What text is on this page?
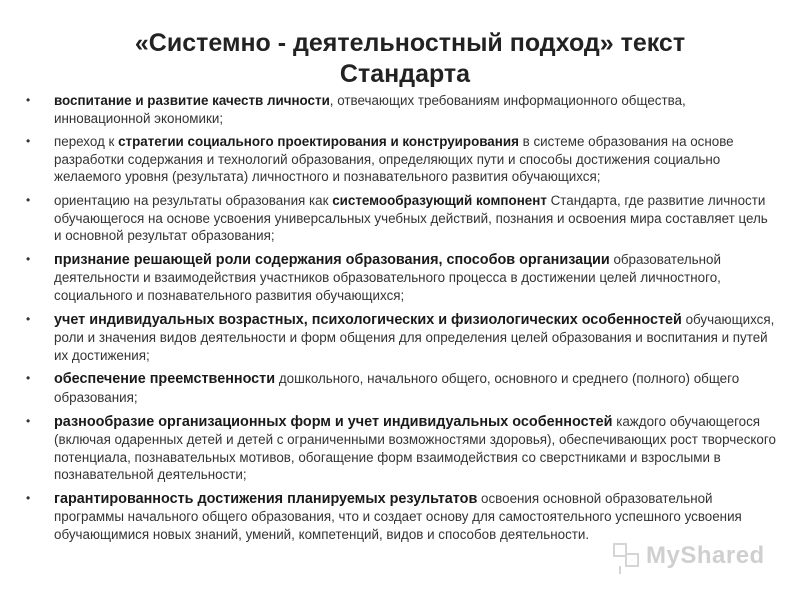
«Системно - деятельностный подход» текст
Стандарта
• воспитание и развитие качеств личности, отвечающих требованиям информационного общества, инновационной экономики;
• переход к стратегии социального проектирования и конструирования в системе образования на основе разработки содержания и технологий образования, определяющих пути и способы достижения социально желаемого уровня (результата) личностного и познавательного развития обучающихся;
• ориентацию на результаты образования как системообразующий компонент Стандарта, где развитие личности обучающегося на основе усвоения универсальных учебных действий, познания и освоения мира составляет цель и основной результат образования;
• признание решающей роли содержания образования, способов организации образовательной деятельности и взаимодействия участников образовательного процесса в достижении целей личностного, социального и познавательного развития обучающихся;
• учет индивидуальных возрастных, психологических и физиологических особенностей обучающихся, роли и значения видов деятельности и форм общения для определения целей образования и воспитания и путей их достижения;
• обеспечение преемственности дошкольного, начального общего, основного и среднего (полного) общего образования;
• разнообразие организационных форм и учет индивидуальных особенностей каждого обучающегося (включая одаренных детей и детей с ограниченными возможностями здоровья), обеспечивающих рост творческого потенциала, познавательных мотивов, обогащение форм взаимодействия со сверстниками и взрослыми в познавательной деятельности;
• гарантированность достижения планируемых результатов освоения основной образовательной программы начального общего образования, что и создает основу для самостоятельного успешного усвоения обучающимися новых знаний, умений, компетенций, видов и способов деятельности.
MyShared
